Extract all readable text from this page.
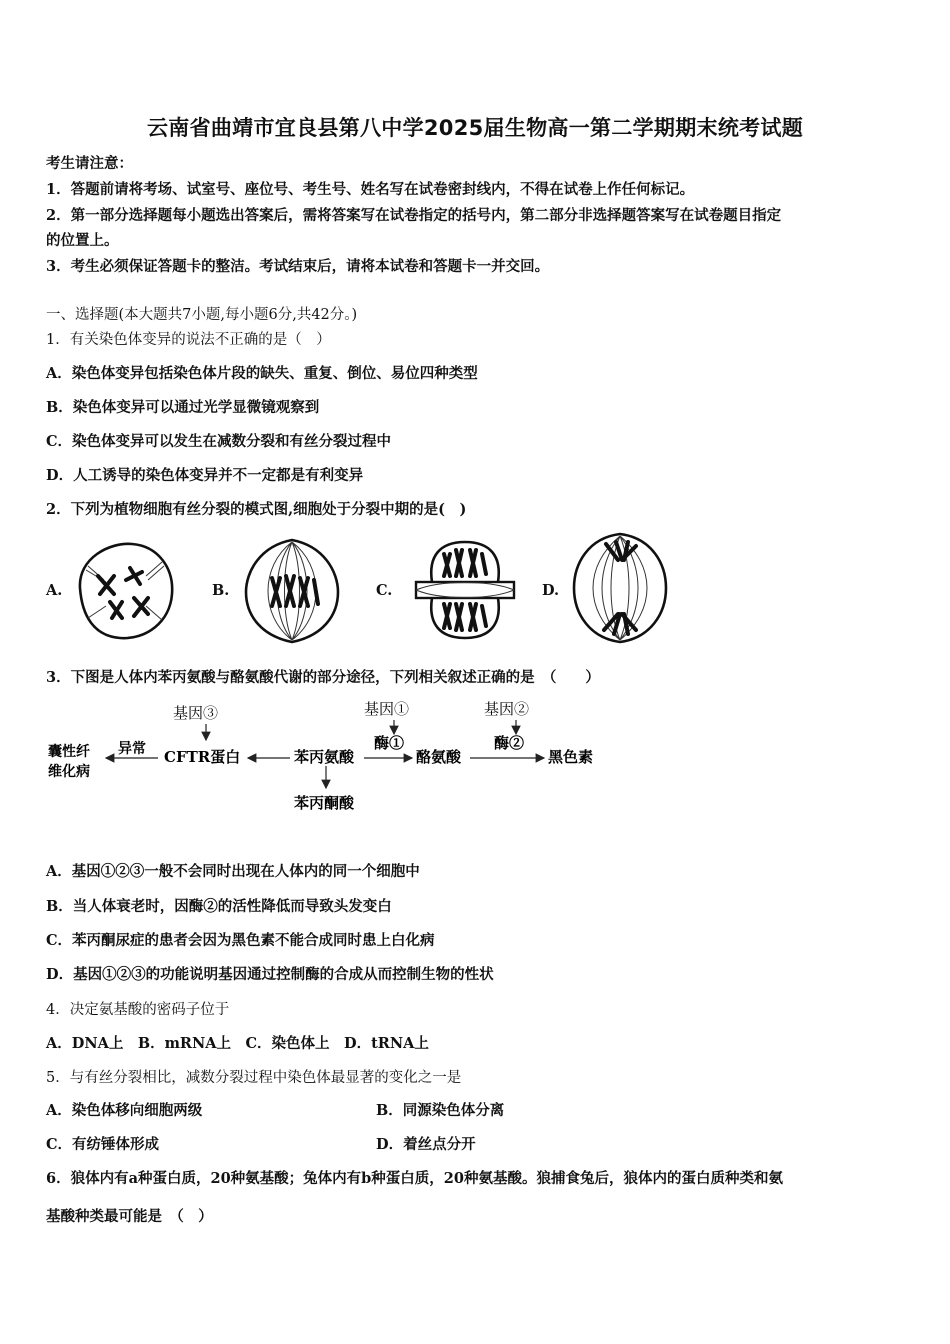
云南省曲靖市宜良县第八中学2025届生物高一第二学期期末统考试题
考生请注意：
1．答题前请将考场、试室号、座位号、考生号、姓名写在试卷密封线内，不得在试卷上作任何标记。
2．第一部分选择题每小题选出答案后，需将答案写在试卷指定的括号内，第二部分非选择题答案写在试卷题目指定
的位置上。
3．考生必须保证答题卡的整洁。考试结束后，请将本试卷和答题卡一并交回。
一、选择题(本大题共7小题,每小题6分,共42分。)
1．有关染色体变异的说法不正确的是（　）
A．染色体变异包括染色体片段的缺失、重复、倒位、易位四种类型
B．染色体变异可以通过光学显微镜观察到
C．染色体变异可以发生在减数分裂和有丝分裂过程中
D．人工诱导的染色体变异并不一定都是有利变异
2．下列为植物细胞有丝分裂的模式图,细胞处于分裂中期的是(　)
A.	B.	C.	D.
3．下图是人体内苯丙氨酸与酪氨酸代谢的部分途径，下列相关叙述正确的是　（　　）
基因③	基因①
酶①
基因②
酶②
囊性纤
维化病
异常 CFTR蛋白	苯丙氨酸	酪氨酸	黑色素
苯丙酮酸
A．基因①②③一般不会同时出现在人体内的同一个细胞中
B．当人体衰老时，因酶②的活性降低而导致头发变白
C．苯丙酮尿症的患者会因为黑色素不能合成同时患上白化病
D．基因①②③的功能说明基因通过控制酶的合成从而控制生物的性状
4．决定氨基酸的密码子位于
A．DNA上　B．mRNA上　C．染色体上　D．tRNA上
5．与有丝分裂相比，减数分裂过程中染色体最显著的变化之一是
A．染色体移向细胞两级	B．同源染色体分离
C．有纺锤体形成	D．着丝点分开
6．狼体内有a种蛋白质，20种氨基酸；兔体内有b种蛋白质，20种氨基酸。狼捕食兔后，狼体内的蛋白质种类和氨
基酸种类最可能是　（　）
